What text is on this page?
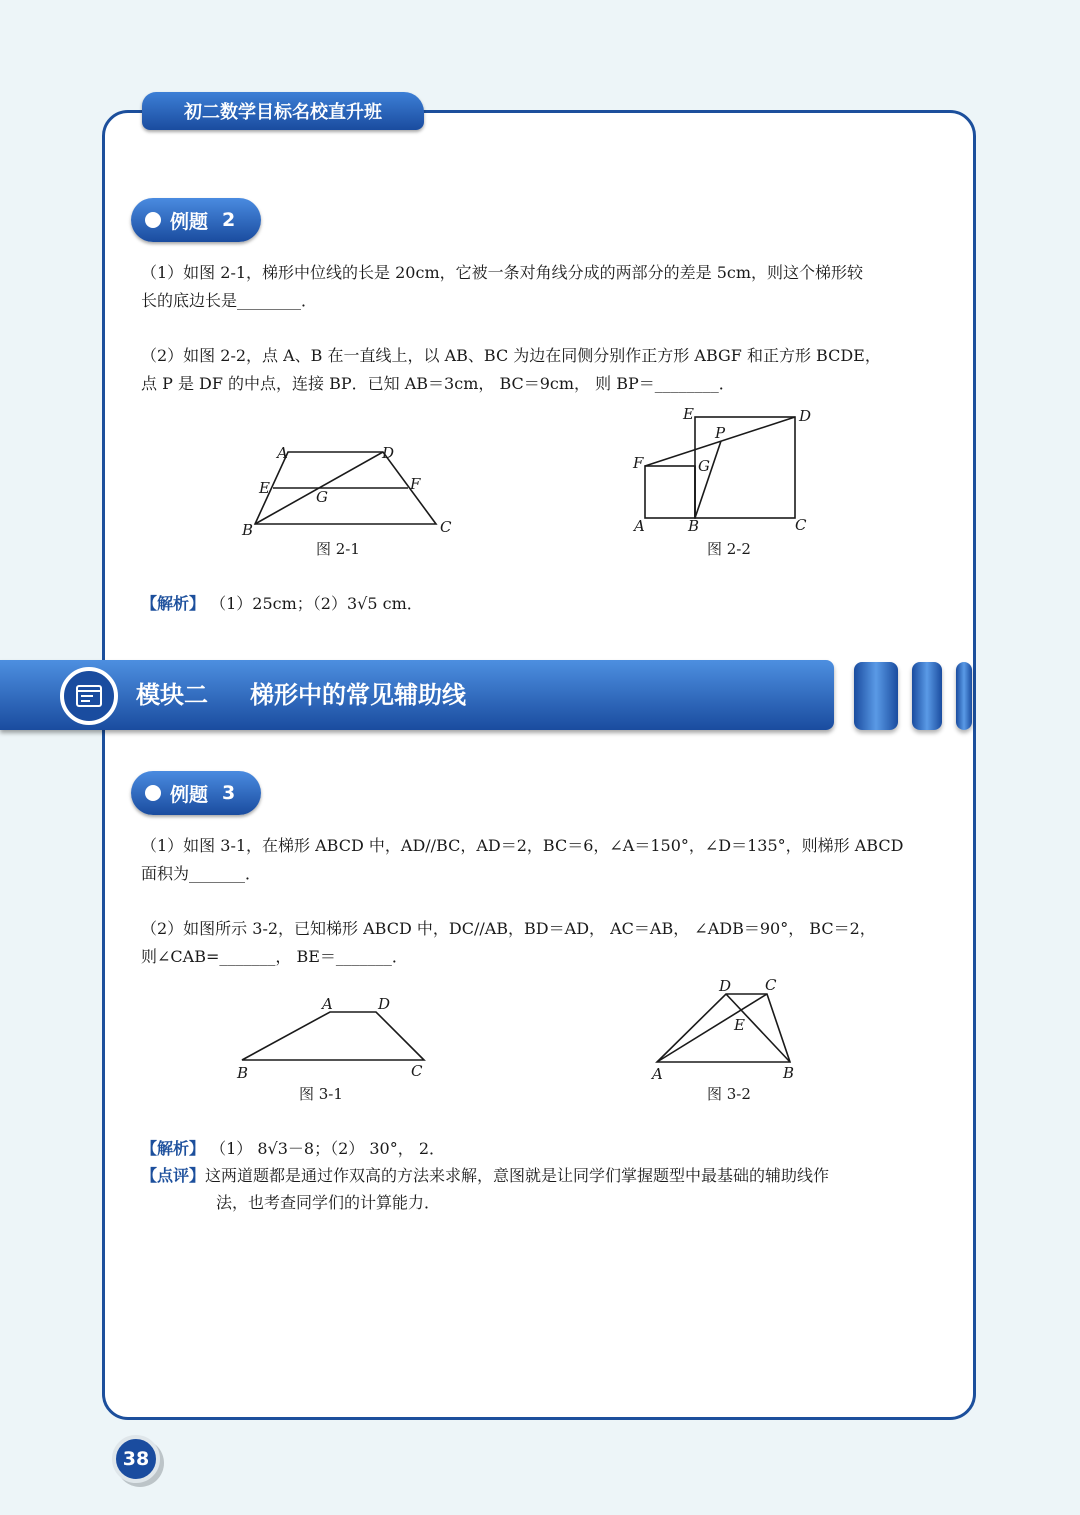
初二数学目标名校直升班
例题 2

（1）如图 2-1，梯形中位线的长是 20cm，它被一条对角线分成的两部分的差是 5cm，则这个梯形较

长的底边长是________．

（2）如图 2-2，点 A、B 在一直线上，以 AB、BC 为边在同侧分别作正方形 ABGF 和正方形 BCDE，

点 P 是 DF 的中点，连接 BP．已知 AB＝3cm， BC＝9cm， 则 BP＝________．

A	D
E	F
G
B	C
图 2-1
E	D
P
F	G
A	B	C
图 2-2
【解析】 （1）25cm；（2）3√5 cm．
模块二 梯形中的常见辅助线
例题 3

（1）如图 3-1，在梯形 ABCD 中，AD//BC，AD＝2，BC＝6，∠A＝150°，∠D＝135°，则梯形 ABCD

面积为_______．

（2）如图所示 3-2，已知梯形 ABCD 中，DC//AB，BD＝AD， AC＝AB， ∠ADB＝90°， BC＝2，

则∠CAB=_______， BE＝_______．

A	D
B	C
图 3-1
D C
E
A	B
图 3-2
【解析】 （1） 8√3－8；（2） 30°， 2．
【点评】这两道题都是通过作双高的方法来求解，意图就是让同学们掌握题型中最基础的辅助线作
法，也考查同学们的计算能力．
38
